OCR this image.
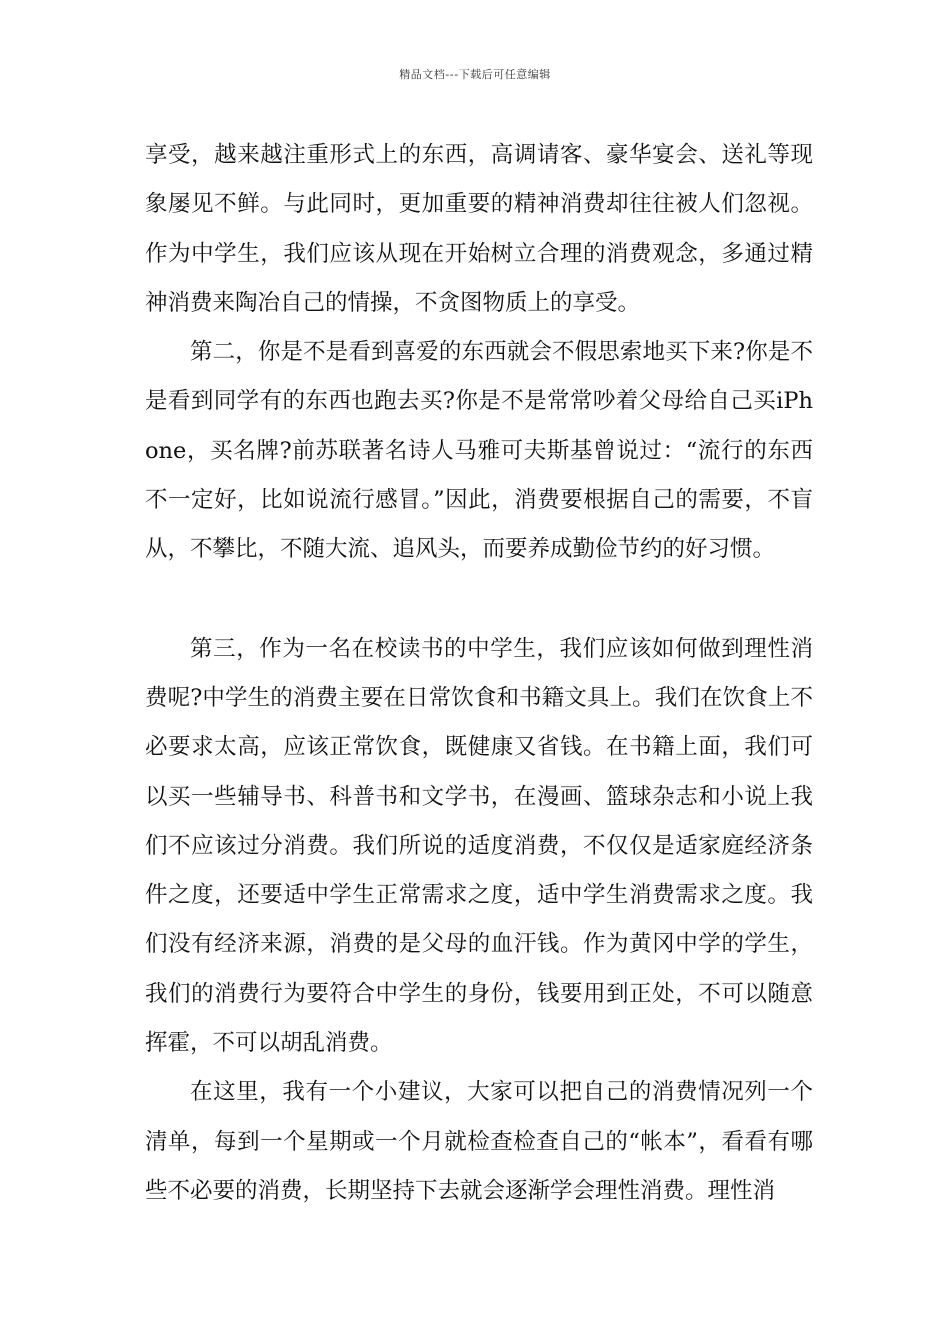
精品文档---下载后可任意编辑

享受，越来越注重形式上的东西，高调请客、豪华宴会、送礼等现象屡见不鲜。与此同时，更加重要的精神消费却往往被人们忽视。作为中学生，我们应该从现在开始树立合理的消费观念，多通过精神消费来陶冶自己的情操，不贪图物质上的享受。

第二，你是不是看到喜爱的东西就会不假思索地买下来?你是不是看到同学有的东西也跑去买?你是不是常常吵着父母给自己买iPhone，买名牌?前苏联著名诗人马雅可夫斯基曾说过：“流行的东西不一定好，比如说流行感冒。”因此，消费要根据自己的需要，不盲从，不攀比，不随大流、追风头，而要养成勤俭节约的好习惯。

第三，作为一名在校读书的中学生，我们应该如何做到理性消费呢?中学生的消费主要在日常饮食和书籍文具上。我们在饮食上不必要求太高，应该正常饮食，既健康又省钱。在书籍上面，我们可以买一些辅导书、科普书和文学书，在漫画、篮球杂志和小说上我们不应该过分消费。我们所说的适度消费，不仅仅是适家庭经济条件之度，还要适中学生正常需求之度，适中学生消费需求之度。我们没有经济来源，消费的是父母的血汗钱。作为黄冈中学的学生，我们的消费行为要符合中学生的身份，钱要用到正处，不可以随意挥霍，不可以胡乱消费。

在这里，我有一个小建议，大家可以把自己的消费情况列一个清单，每到一个星期或一个月就检查检查自己的“帐本”，看看有哪些不必要的消费，长期坚持下去就会逐渐学会理性消费。理性消
